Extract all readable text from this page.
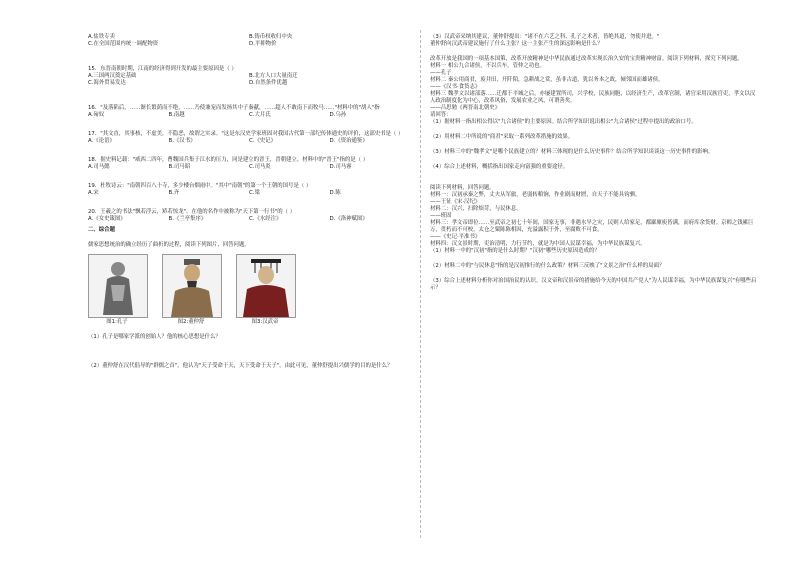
A.盐铁专卖	B.铸币权收归中央
C.在全国范围内统一调配物资	D.平抑物价
15．东晋南朝时期，江南的经济得到开发的最主要原因是（ ）
A.三国两汉奠定基础	B.北方人口大量南迁
C.海外贸易发达	D.自然条件优越
16．"及落陷后，……渐长繁荫而不绝，……乃使兼宠而发扬其中子秦献，……超人不敢南下而牧马……"材料中的"胡人"指
A.匈奴	B.南越	C.大月氏	D.乌孙
17．"其文直，其事核，不虚美，不隐恶，故谓之实录。"这是东汉史学家班固对我国古代第一部纪传体通史的评价，这部史书是（ ）
A.《论语》	B.《汉书》	C.《史记》	D.《资治通鉴》
18．据史料记载："威西二四年，曹魏国兵集于江水的压力，同是建立的晋王，晋朝建立。材料中的"晋王"指的是（ ）
A.司马懿	B.司马昭	C.司马炎	D.司马睿
19．杜牧诗云："南朝四百八十寺，多少楼台烟雨中。"其中"南朝"的第一个王朝的国号是（ ）
A.宋	B.齐	C.梁	D.陈
20．王羲之的书法"飘若浮云，矫若惊龙"。在他的名作中被称为"天下第一行书"的（ ）
A.《女史箴图》	B.《兰亭集序》	C.《水经注》	D.《洛神赋图》
二、综合题
儒家思想统治的确立经历了曲折的过程，阅读下列图片，回答问题。
图1:孔子	图2:董仲舒	图3:汉武帝
（1）孔子是哪家学派的创始人？他的核心思想是什么？
（2）董仲舒在汉代倡导的"群儒之首"，他认为"天子受命于天，天下受命于天子"。由此可见，董仲舒提出兴儒学的目的是什么？

（3）汉武帝采纳其建议，董仲舒提出："诸不在六艺之科、孔子之术者，皆绝其道，勿使并进。"

董仲舒向汉武帝建议施行了什么主张？这一主张产生的深远影响是什么？

改革开放是我国的一项基本国策，改革开放精神是中华民族通过改革实现长治久安的宝贵精神财富。阅读下列材料，探究下列问题。

材料一 相公九合诸侯，不以兵车，管仲之功也。

——孔子

材料二 秦公用商君，废井田，开阡陌，急耕战之赏，虽非古道，犹以务本之故，倾邻国而雄诸侯。

——《汉书·食货志》

材料三 魏孝文以诸部落……迁都于平城之后，亦屡建置所司，兴学校，民族同胞，以经济生产，改革官制，诸官采用汉族官吏，孝文以汉人政治制度化为中心，改革风俗，发展农业之风，可谓善矣。

——吕思勉《两晋南北朝史》

请回答：

（1）据材料一指出相公得以"九合诸侯"的主要原因。结合所学知识说出相公"九合诸侯"过程中提出的政治口号。

（2）用材料二中所说的"商君"采取一系列改革措施的效果。

（3）材料三中的"魏孝文"是哪个民族建立的？材料三体现的是什么历史事件？结合所学知识谈谈这一历史事件的影响。

（4）综合上述材料，概括指出国家走向富强的重要途径。

阅读下列材料，回答问题。

材料一：汉初承秦之弊，丈夫从军旅，老弱转粮饷，作业剧而财匮，自天子不能具钧驷。

——王征《宋·汉纪》

材料二：汉兴，扫除烦苛，与民休息。

——班固

材料三：孝文帝即位……至武帝之初七十年间，国家无事，非遇水旱之灾，民则人给家足，都鄙廪庾皆满，而府库余货财。京师之钱累巨万，贯朽而不可校。太仓之粟陈陈相因，充溢露积于外，至腐败不可食。

——《史记·平准书》

材料四：汉文景时期，吏治清明，力行节约，就是为中国人民谋幸福，为中华民族谋复兴。

（1）材料一中的"汉初"指的是什么时期？"汉初"哪些历史原因造成的？

（2）材料二中的"与民休息"指的是汉初推行的什么政策？材料三反映了"文景之治"什么样的局面？

（3）综合上述材料分析你对治国治民的认识。汉文帝和汉景帝的措施给今天的中国共产党人"为人民谋幸福，为中华民族谋复兴"有哪些启示？
